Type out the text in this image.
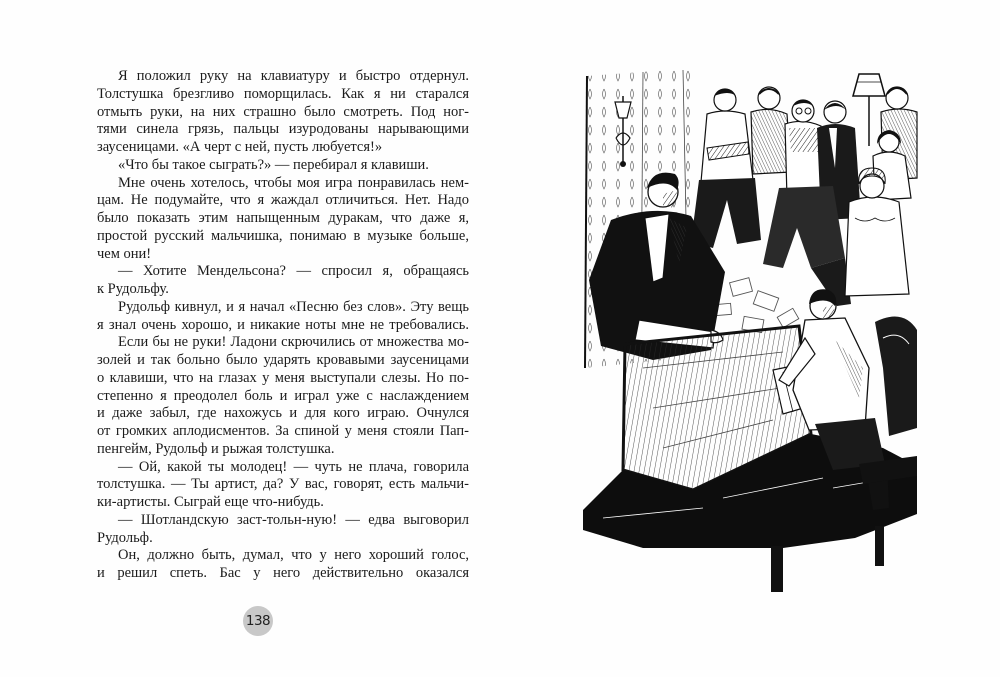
Я положил руку на клавиатуру и быстро отдернул.
Толстушка брезгливо поморщилась. Как я ни старался
отмыть руки, на них страшно было смотреть. Под ног-
тями синела грязь, пальцы изуродованы нарывающими
заусеницами. «А черт с ней, пусть любуется!»
«Что бы такое сыграть?» — перебирал я клавиши.
Мне очень хотелось, чтобы моя игра понравилась нем-
цам. Не подумайте, что я жаждал отличиться. Нет. Надо
было показать этим напыщенным дуракам, что даже я,
простой русский мальчишка, понимаю в музыке больше,
чем они!
— Хотите Мендельсона? — спросил я, обращаясь
к Рудольфу.
Рудольф кивнул, и я начал «Песню без слов». Эту вещь
я знал очень хорошо, и никакие ноты мне не требовались.
Если бы не руки! Ладони скрючились от множества мо-
золей и так больно было ударять кровавыми заусеницами
о клавиши, что на глазах у меня выступали слезы. Но по-
степенно я преодолел боль и играл уже с наслаждением
и даже забыл, где нахожусь и для кого играю. Очнулся
от громких аплодисментов. За спиной у меня стояли Пап-
пенгейм, Рудольф и рыжая толстушка.
— Ой, какой ты молодец! — чуть не плача, говорила
толстушка. — Ты артист, да? У вас, говорят, есть мальчи-
ки-артисты. Сыграй еще что-нибудь.
— Шотландскую заст-тольн-ную! — едва выговорил
Рудольф.
Он, должно быть, думал, что у него хороший голос,
и решил спеть. Бас у него действительно оказался
138
